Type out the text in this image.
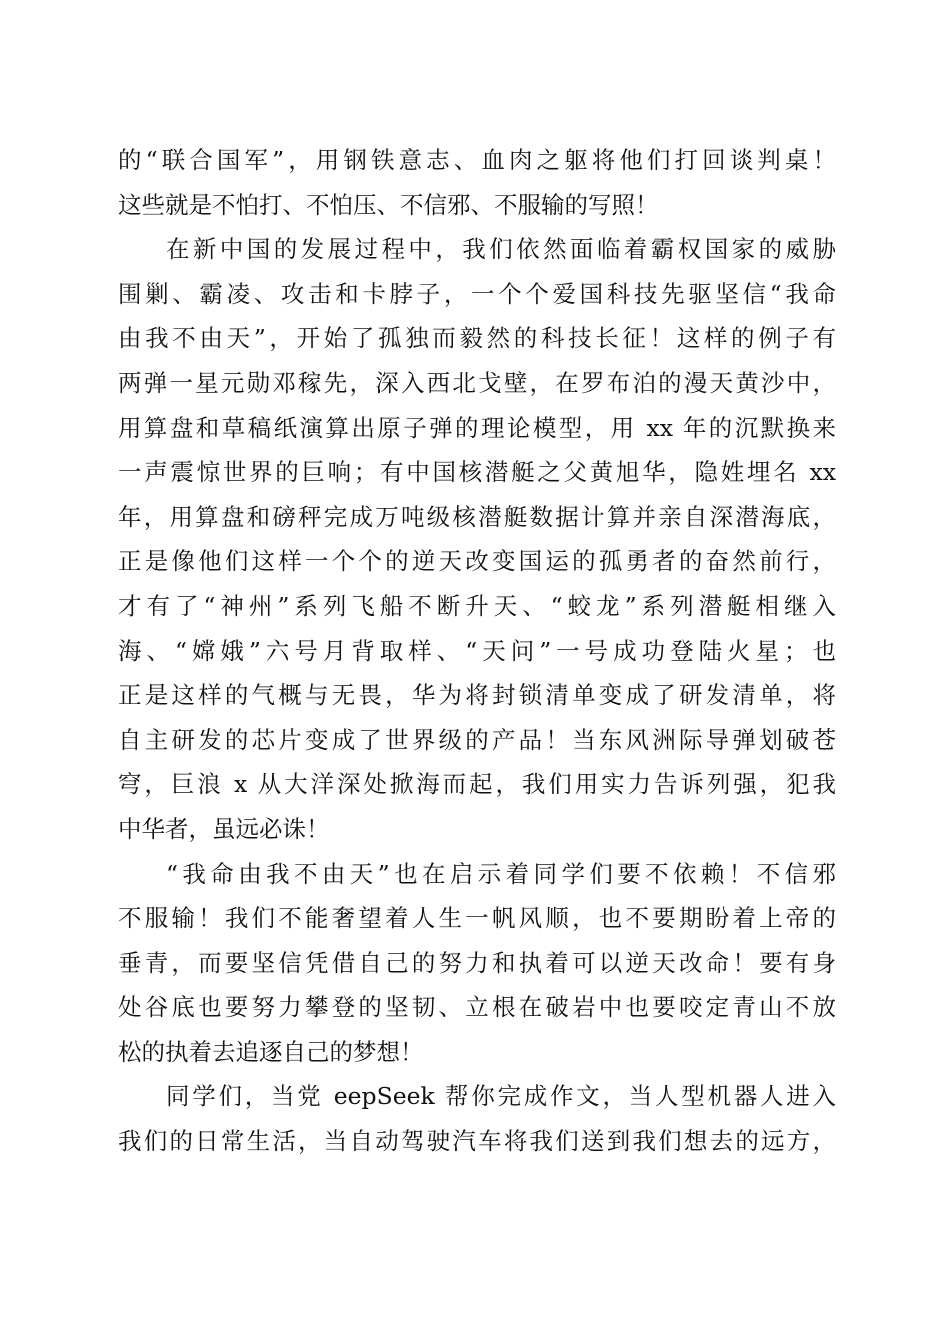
的“联合国军”，用钢铁意志、血肉之躯将他们打回谈判桌！
这些就是不怕打、不怕压、不信邪、不服输的写照！
在新中国的发展过程中，我们依然面临着霸权国家的威胁
围剿、霸凌、攻击和卡脖子，一个个爱国科技先驱坚信“我命
由我不由天”，开始了孤独而毅然的科技长征！这样的例子有
两弹一星元勋邓稼先，深入西北戈壁，在罗布泊的漫天黄沙中，
用算盘和草稿纸演算出原子弹的理论模型，用 xx 年的沉默换来
一声震惊世界的巨响；有中国核潜艇之父黄旭华，隐姓埋名 xx
年，用算盘和磅秤完成万吨级核潜艇数据计算并亲自深潜海底，
正是像他们这样一个个的逆天改变国运的孤勇者的奋然前行，
才有了“神州”系列飞船不断升天、“蛟龙”系列潜艇相继入
海、“嫦娥”六号月背取样、“天问”一号成功登陆火星；也
正是这样的气概与无畏，华为将封锁清单变成了研发清单，将
自主研发的芯片变成了世界级的产品！当东风洲际导弹划破苍
穹，巨浪 x 从大洋深处掀海而起，我们用实力告诉列强，犯我
中华者，虽远必诛！
“我命由我不由天”也在启示着同学们要不依赖！不信邪
不服输！我们不能奢望着人生一帆风顺，也不要期盼着上帝的
垂青，而要坚信凭借自己的努力和执着可以逆天改命！要有身
处谷底也要努力攀登的坚韧、立根在破岩中也要咬定青山不放
松的执着去追逐自己的梦想！
同学们，当党 eepSeek 帮你完成作文，当人型机器人进入
我们的日常生活，当自动驾驶汽车将我们送到我们想去的远方，
